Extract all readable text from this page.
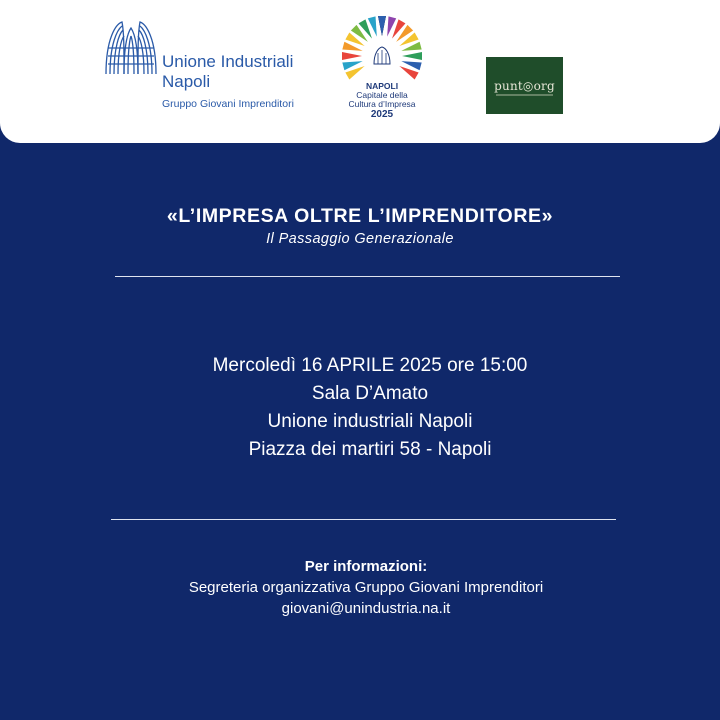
Unione Industriali
Napoli
Gruppo Giovani Imprenditori
NAPOLI
Capitale della
Cultura d’Impresa
2025
punt◎org
«L’IMPRESA OLTRE L’IMPRENDITORE»
Il Passaggio Generazionale
Mercoledì 16 APRILE 2025 ore 15:00
Sala D’Amato
Unione industriali Napoli
Piazza dei martiri 58 - Napoli
Per informazioni:
Segreteria organizzativa Gruppo Giovani Imprenditori
giovani@unindustria.na.it
